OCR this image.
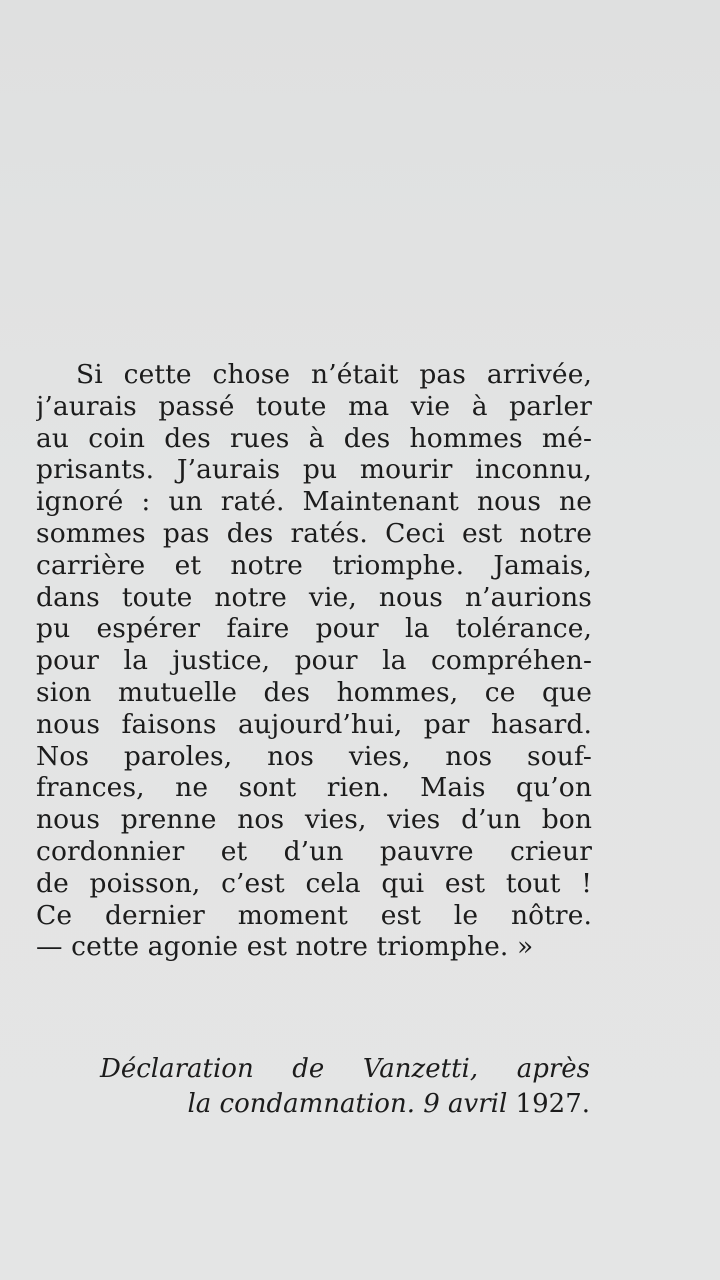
Si cette chose n’était pas arrivée,
j’aurais passé toute ma vie à parler
au coin des rues à des hommes mé‑
prisants. J’aurais pu mourir inconnu,
ignoré : un raté. Maintenant nous ne
sommes pas des ratés. Ceci est notre
carrière et notre triomphe. Jamais,
dans toute notre vie, nous n’aurions
pu espérer faire pour la tolérance,
pour la justice, pour la compréhen-
sion mutuelle des hommes, ce que
nous faisons aujourd’hui, par hasard.
Nos paroles, nos vies, nos souf-
frances, ne sont rien. Mais qu’on
nous prenne nos vies, vies d’un bon
cordonnier et d’un pauvre crieur
de poisson, c’est cela qui est tout !
Ce dernier moment est le nôtre.
— cette agonie est notre triomphe. »
Déclaration de Vanzetti, après
la condamnation. 9 avril 1927.
